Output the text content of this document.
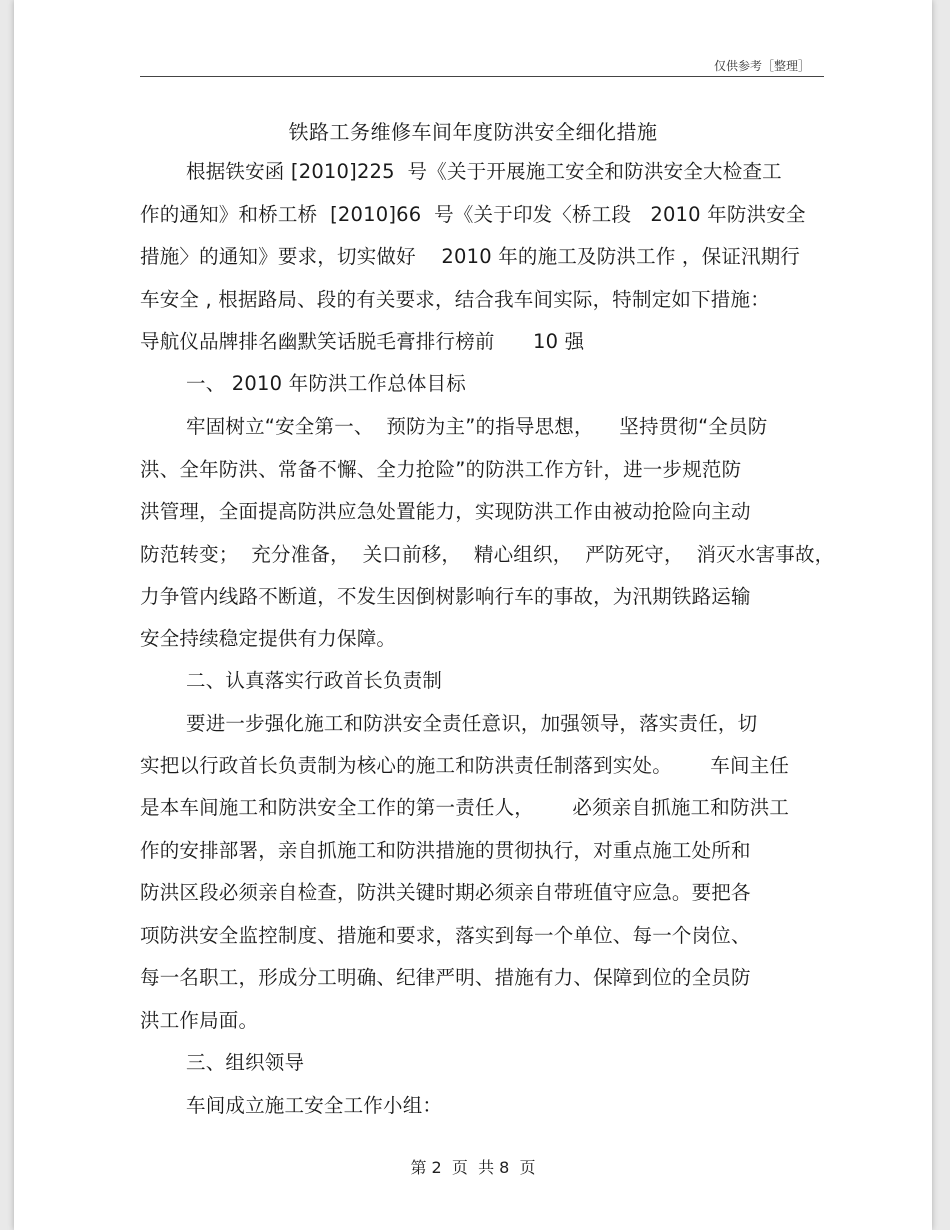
仅供参考［整理］
铁路工务维修车间年度防洪安全细化措施
根据铁安函 [2010]225  号《关于开展施工安全和防洪安全大检查工
作的通知》和桥工桥  [2010]66  号《关于印发〈桥工段   2010 年防洪安全
措施〉的通知》要求，切实做好    2010 年的施工及防洪工作 ，保证汛期行
车安全 , 根据路局、段的有关要求，结合我车间实际，特制定如下措施：
导航仪品牌排名幽默笑话脱毛膏排行榜前      10 强
一、 2010 年防洪工作总体目标
牢固树立“安全第一、  预防为主”的指导思想，    坚持贯彻“全员防
洪、全年防洪、常备不懈、全力抢险”的防洪工作方针，进一步规范防
洪管理，全面提高防洪应急处置能力，实现防洪工作由被动抢险向主动
防范转变；  充分准备，  关口前移，  精心组织，  严防死守，  消灭水害事故，
力争管内线路不断道，不发生因倒树影响行车的事故，为汛期铁路运输
安全持续稳定提供有力保障。
二、认真落实行政首长负责制
要进一步强化施工和防洪安全责任意识，加强领导，落实责任，切
实把以行政首长负责制为核心的施工和防洪责任制落到实处。      车间主任
是本车间施工和防洪安全工作的第一责任人，      必须亲自抓施工和防洪工
作的安排部署，亲自抓施工和防洪措施的贯彻执行，对重点施工处所和
防洪区段必须亲自检查，防洪关键时期必须亲自带班值守应急。要把各
项防洪安全监控制度、措施和要求，落实到每一个单位、每一个岗位、
每一名职工，形成分工明确、纪律严明、措施有力、保障到位的全员防
洪工作局面。
三、组织领导
车间成立施工安全工作小组：
第 2  页  共 8  页
